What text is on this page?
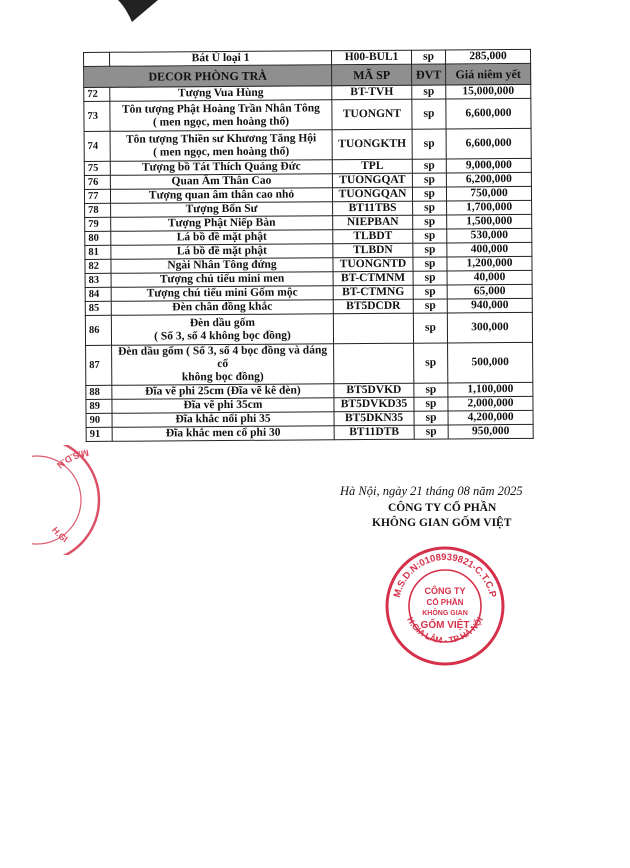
	Bát Ù loại 1	H00-BUL1	sp	285,000
DECOR PHÒNG TRÀ		MÃ SP	ĐVT	Giá niêm yết
72	Tượng Vua Hùng	BT-TVH	sp	15,000,000
73	Tôn tượng Phật Hoàng Trần Nhân Tông
( men ngọc, men hoàng thổ)	TUONGNT	sp	6,600,000
74	Tôn tượng Thiền sư Khương Tăng Hội
( men ngọc, men hoàng thổ)	TUONGKTH	sp	6,600,000
75	Tượng bồ Tát Thích Quảng Đức	TPL	sp	9,000,000
76	Quan Âm Thân Cao	TUONGQAT	sp	6,200,000
77	Tượng quan âm thân cao nhỏ	TUONGQAN	sp	750,000
78	Tượng Bổn Sư	BT11TBS	sp	1,700,000
79	Tượng Phật Niếp Bàn	NIEPBAN	sp	1,500,000
80	Lá bồ đề mặt phật	TLBDT	sp	530,000
81	Lá bồ đề mặt phật	TLBDN	sp	400,000
82	Ngài Nhân Tông đứng	TUONGNTD	sp	1,200,000
83	Tượng chú tiểu mini men	BT-CTMNM	sp	40,000
84	Tượng chú tiểu mini Gốm mộc	BT-CTMNG	sp	65,000
85	Đèn chân đồng khắc	BT5DCDR	sp	940,000
86	Đèn dầu gốm
( Số 3, số 4 không bọc đồng)		sp	300,000
87	Đèn dầu gốm ( Số 3, số 4 bọc đồng và dáng cổ
không bọc đồng)		sp	500,000
88	Đĩa vẽ phi 25cm (Đĩa vẽ kê đèn)	BT5DVKD	sp	1,100,000
89	Đĩa vẽ phi 35cm	BT5DVKD35	sp	2,000,000
90	Đĩa khắc nổi phi 35	BT5DKN35	sp	4,200,000
91	Đĩa khắc men cổ phi 30	BT11DTB	sp	950,000
Hà Nội, ngày 21 tháng 08 năm 2025
CÔNG TY CỔ PHẦN
KHÔNG GIAN GỐM VIỆT
M.S.D.N:0108939821-C.T.C.P
H.GIA LÂM - TP HÀ NỘI
CÔNG TY
CỔ PHẦN
KHÔNG GIAN
GỐM VIỆT
M.S.D.N
H.GI
